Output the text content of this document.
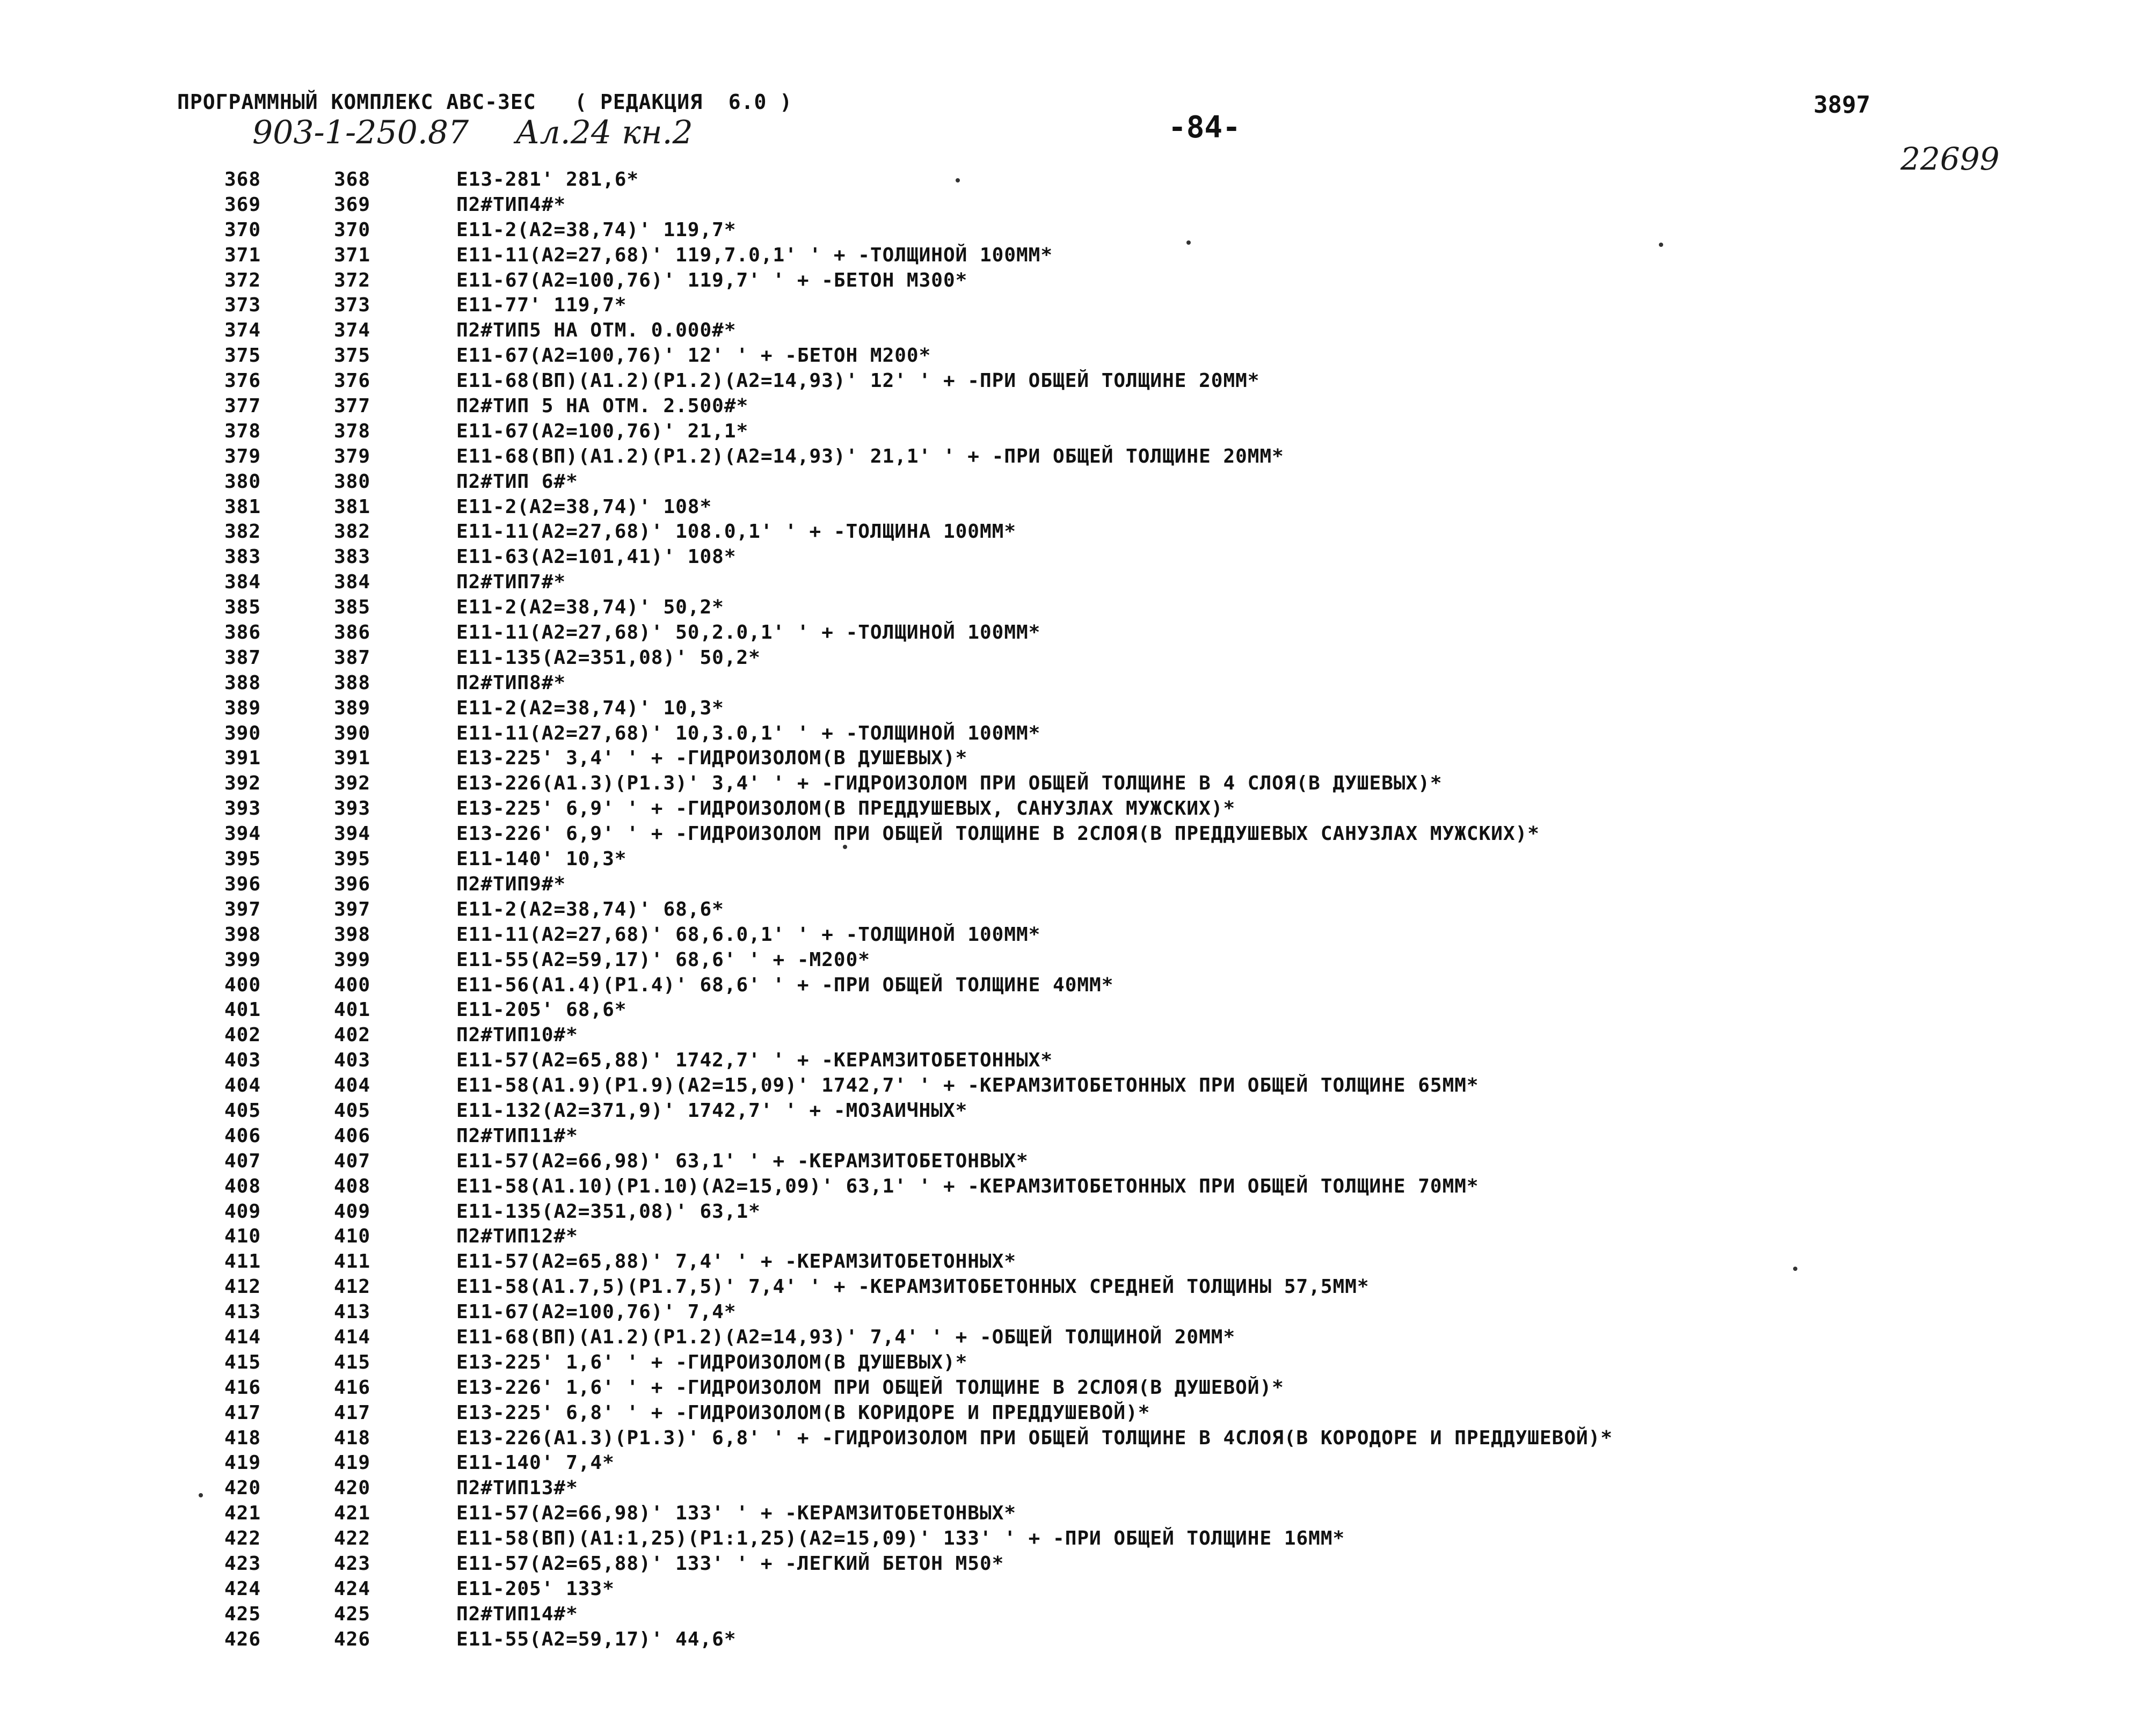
ПРОГРАММНЫЙ КОМПЛЕКС ABC-3EC   ( РЕДАКЦИЯ  6.0 )
903-1-250.87 Ал.24 кн.2	-84-
3897
22699
368	368	Е13-281' 281,6*
369	369	П2#ТИП4#*
370	370	Е11-2(А2=38,74)' 119,7*
371	371	Е11-11(А2=27,68)' 119,7.0,1' ' + -ТОЛЩИНОЙ 100ММ*
372	372	Е11-67(А2=100,76)' 119,7' ' + -БЕТОН М300*
373	373	Е11-77' 119,7*
374	374	П2#ТИП5 НА ОТМ. 0.000#*
375	375	Е11-67(А2=100,76)' 12' ' + -БЕТОН М200*
376	376	Е11-68(ВП)(А1.2)(Р1.2)(А2=14,93)' 12' ' + -ПРИ ОБЩЕЙ ТОЛЩИНЕ 20ММ*
377	377	П2#ТИП 5 НА ОТМ. 2.500#*
378	378	Е11-67(А2=100,76)' 21,1*
379	379	Е11-68(ВП)(А1.2)(Р1.2)(А2=14,93)' 21,1' ' + -ПРИ ОБЩЕЙ ТОЛЩИНЕ 20ММ*
380	380	П2#ТИП 6#*
381	381	Е11-2(А2=38,74)' 108*
382	382	Е11-11(А2=27,68)' 108.0,1' ' + -ТОЛЩИНА 100ММ*
383	383	Е11-63(А2=101,41)' 108*
384	384	П2#ТИП7#*
385	385	Е11-2(А2=38,74)' 50,2*
386	386	Е11-11(А2=27,68)' 50,2.0,1' ' + -ТОЛЩИНОЙ 100ММ*
387	387	Е11-135(А2=351,08)' 50,2*
388	388	П2#ТИП8#*
389	389	Е11-2(А2=38,74)' 10,3*
390	390	Е11-11(А2=27,68)' 10,3.0,1' ' + -ТОЛЩИНОЙ 100ММ*
391	391	Е13-225' 3,4' ' + -ГИДРОИЗОЛОМ(В ДУШЕВЫХ)*
392	392	Е13-226(А1.3)(Р1.3)' 3,4' ' + -ГИДРОИЗОЛОМ ПРИ ОБЩЕЙ ТОЛЩИНЕ В 4 СЛОЯ(В ДУШЕВЫХ)*
393	393	Е13-225' 6,9' ' + -ГИДРОИЗОЛОМ(В ПРЕДДУШЕВЫХ, САНУЗЛАХ МУЖСКИХ)*
394	394	Е13-226' 6,9' ' + -ГИДРОИЗОЛОМ ПРИ ОБЩЕЙ ТОЛЩИНЕ В 2СЛОЯ(В ПРЕДДУШЕВЫХ САНУЗЛАХ МУЖСКИХ)*
395	395	Е11-140' 10,3*
396	396	П2#ТИП9#*
397	397	Е11-2(А2=38,74)' 68,6*
398	398	Е11-11(А2=27,68)' 68,6.0,1' ' + -ТОЛЩИНОЙ 100ММ*
399	399	Е11-55(А2=59,17)' 68,6' ' + -М200*
400	400	Е11-56(А1.4)(Р1.4)' 68,6' ' + -ПРИ ОБЩЕЙ ТОЛЩИНЕ 40ММ*
401	401	Е11-205' 68,6*
402	402	П2#ТИП10#*
403	403	Е11-57(А2=65,88)' 1742,7' ' + -КЕРАМЗИТОБЕТОННЫХ*
404	404	Е11-58(А1.9)(Р1.9)(А2=15,09)' 1742,7' ' + -КЕРАМЗИТОБЕТОННЫХ ПРИ ОБЩЕЙ ТОЛЩИНЕ 65ММ*
405	405	Е11-132(А2=371,9)' 1742,7' ' + -МОЗАИЧНЫХ*
406	406	П2#ТИП11#*
407	407	Е11-57(А2=66,98)' 63,1' ' + -КЕРАМЗИТОБЕТОНВЫХ*
408	408	Е11-58(А1.10)(Р1.10)(А2=15,09)' 63,1' ' + -КЕРАМЗИТОБЕТОННЫХ ПРИ ОБЩЕЙ ТОЛЩИНЕ 70ММ*
409	409	Е11-135(А2=351,08)' 63,1*
410	410	П2#ТИП12#*
411	411	Е11-57(А2=65,88)' 7,4' ' + -КЕРАМЗИТОБЕТОННЫХ*
412	412	Е11-58(А1.7,5)(Р1.7,5)' 7,4' ' + -КЕРАМЗИТОБЕТОННЫХ СРЕДНЕЙ ТОЛЩИНЫ 57,5ММ*
413	413	Е11-67(А2=100,76)' 7,4*
414	414	Е11-68(ВП)(А1.2)(Р1.2)(А2=14,93)' 7,4' ' + -ОБЩЕЙ ТОЛЩИНОЙ 20ММ*
415	415	Е13-225' 1,6' ' + -ГИДРОИЗОЛОМ(В ДУШЕВЫХ)*
416	416	Е13-226' 1,6' ' + -ГИДРОИЗОЛОМ ПРИ ОБЩЕЙ ТОЛЩИНЕ В 2СЛОЯ(В ДУШЕВОЙ)*
417	417	Е13-225' 6,8' ' + -ГИДРОИЗОЛОМ(В КОРИДОРЕ И ПРЕДДУШЕВОЙ)*
418	418	Е13-226(А1.3)(Р1.3)' 6,8' ' + -ГИДРОИЗОЛОМ ПРИ ОБЩЕЙ ТОЛЩИНЕ В 4СЛОЯ(В КОРОДОРЕ И ПРЕДДУШЕВОЙ)*
419	419	Е11-140' 7,4*
420	420	П2#ТИП13#*
421	421	Е11-57(А2=66,98)' 133' ' + -КЕРАМЗИТОБЕТОНВЫХ*
422	422	Е11-58(ВП)(А1:1,25)(Р1:1,25)(А2=15,09)' 133' ' + -ПРИ ОБЩЕЙ ТОЛЩИНЕ 16ММ*
423	423	Е11-57(А2=65,88)' 133' ' + -ЛЕГКИЙ БЕТОН М50*
424	424	Е11-205' 133*
425	425	П2#ТИП14#*
426	426	Е11-55(А2=59,17)' 44,6*
